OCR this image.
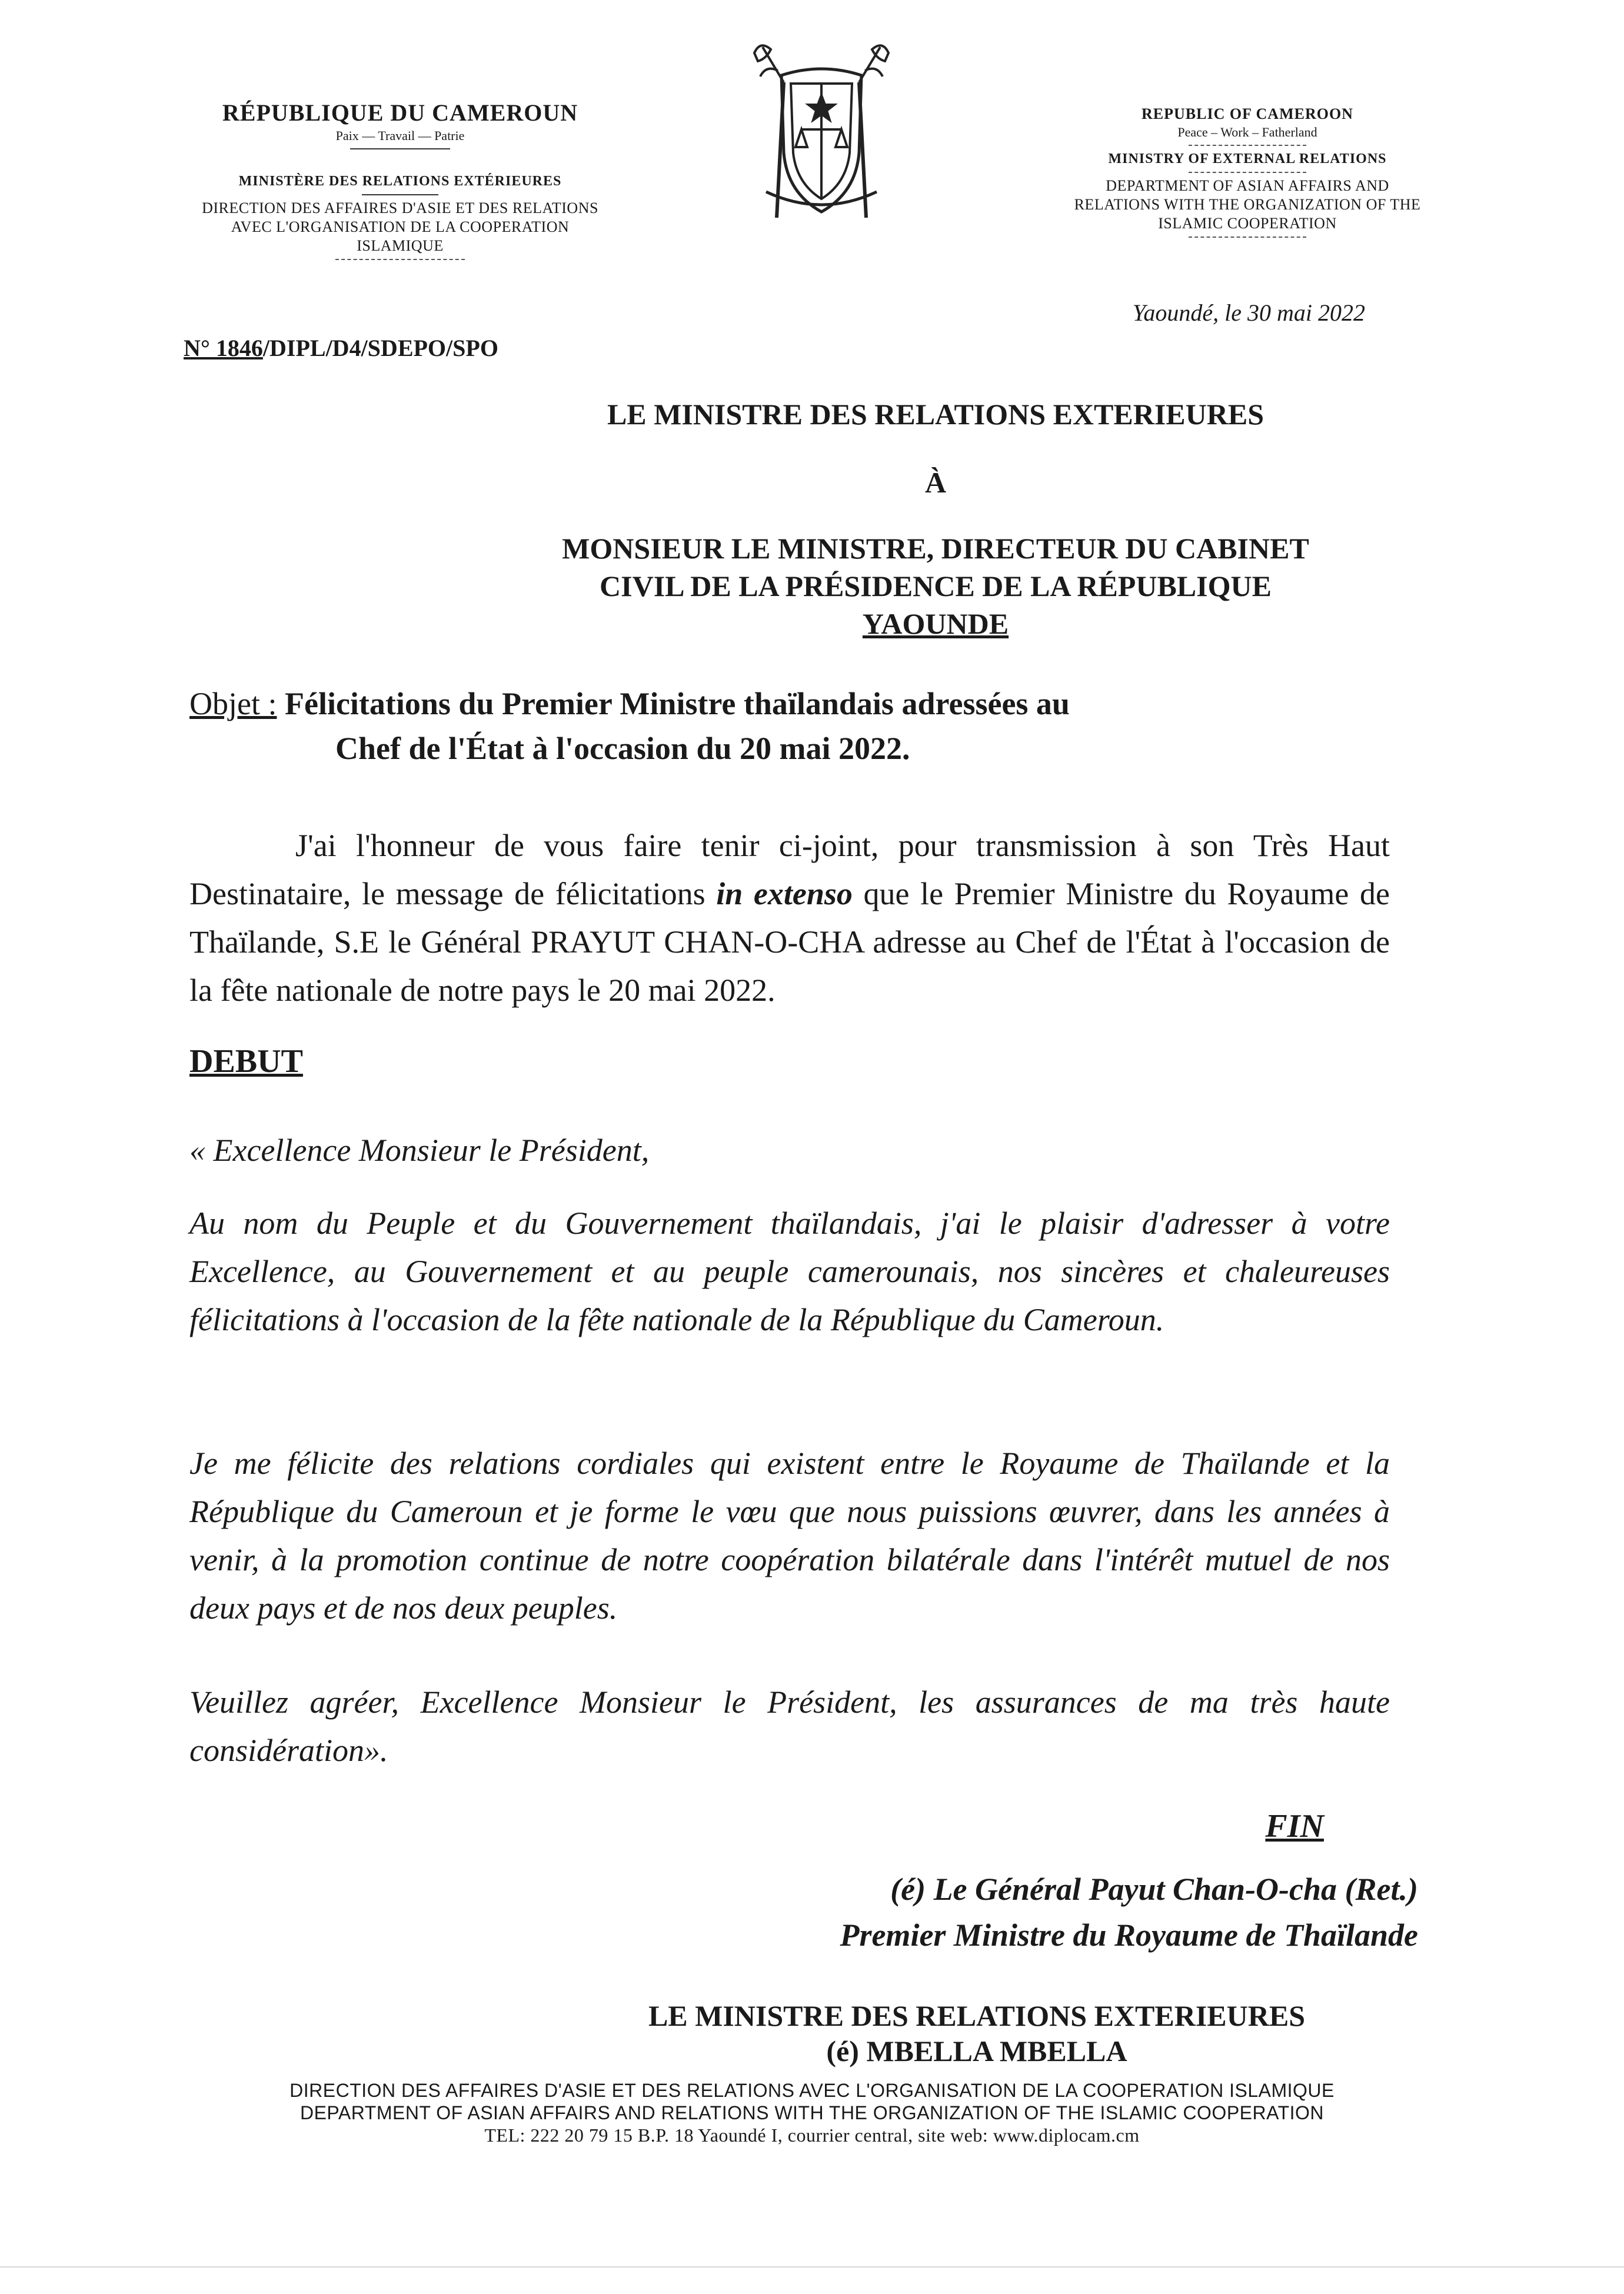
RÉPUBLIQUE DU CAMEROUN
Paix — Travail — Patrie
MINISTÈRE DES RELATIONS EXTÉRIEURES
DIRECTION DES AFFAIRES D'ASIE ET DES RELATIONS
AVEC L'ORGANISATION DE LA COOPERATION
ISLAMIQUE
REPUBLIC OF CAMEROON
Peace – Work – Fatherland
MINISTRY OF EXTERNAL RELATIONS
DEPARTMENT OF ASIAN AFFAIRS AND
RELATIONS WITH THE ORGANIZATION OF THE
ISLAMIC COOPERATION
Yaoundé, le 30 mai 2022
N° 1846/DIPL/D4/SDEPO/SPO
LE MINISTRE DES RELATIONS EXTERIEURES
À
MONSIEUR LE MINISTRE, DIRECTEUR DU CABINET
CIVIL DE LA PRÉSIDENCE DE LA RÉPUBLIQUE
YAOUNDE
Objet : Félicitations du Premier Ministre thaïlandais adressées au
Chef de l'État à l'occasion du 20 mai 2022.
J'ai l'honneur de vous faire tenir ci-joint, pour transmission à son Très Haut Destinataire, le message de félicitations in extenso que le Premier Ministre du Royaume de Thaïlande, S.E le Général PRAYUT CHAN-O-CHA adresse au Chef de l'État à l'occasion de la fête nationale de notre pays le 20 mai 2022.
DEBUT
« Excellence Monsieur le Président,
Au nom du Peuple et du Gouvernement thaïlandais, j'ai le plaisir d'adresser à votre Excellence, au Gouvernement et au peuple camerounais, nos sincères et chaleureuses félicitations à l'occasion de la fête nationale de la République du Cameroun.
Je me félicite des relations cordiales qui existent entre le Royaume de Thaïlande et la République du Cameroun et je forme le vœu que nous puissions œuvrer, dans les années à venir, à la promotion continue de notre coopération bilatérale dans l'intérêt mutuel de nos deux pays et de nos deux peuples.
Veuillez agréer, Excellence Monsieur le Président, les assurances de ma très haute considération».
FIN
(é) Le Général Payut Chan-O-cha (Ret.)
Premier Ministre du Royaume de Thaïlande
LE MINISTRE DES RELATIONS EXTERIEURES
(é) MBELLA MBELLA
DIRECTION DES AFFAIRES D'ASIE ET DES RELATIONS AVEC L'ORGANISATION DE LA COOPERATION ISLAMIQUE
DEPARTMENT OF ASIAN AFFAIRS AND RELATIONS WITH THE ORGANIZATION OF THE ISLAMIC COOPERATION
TEL: 222 20 79 15 B.P. 18 Yaoundé I, courrier central, site web: www.diplocam.cm
